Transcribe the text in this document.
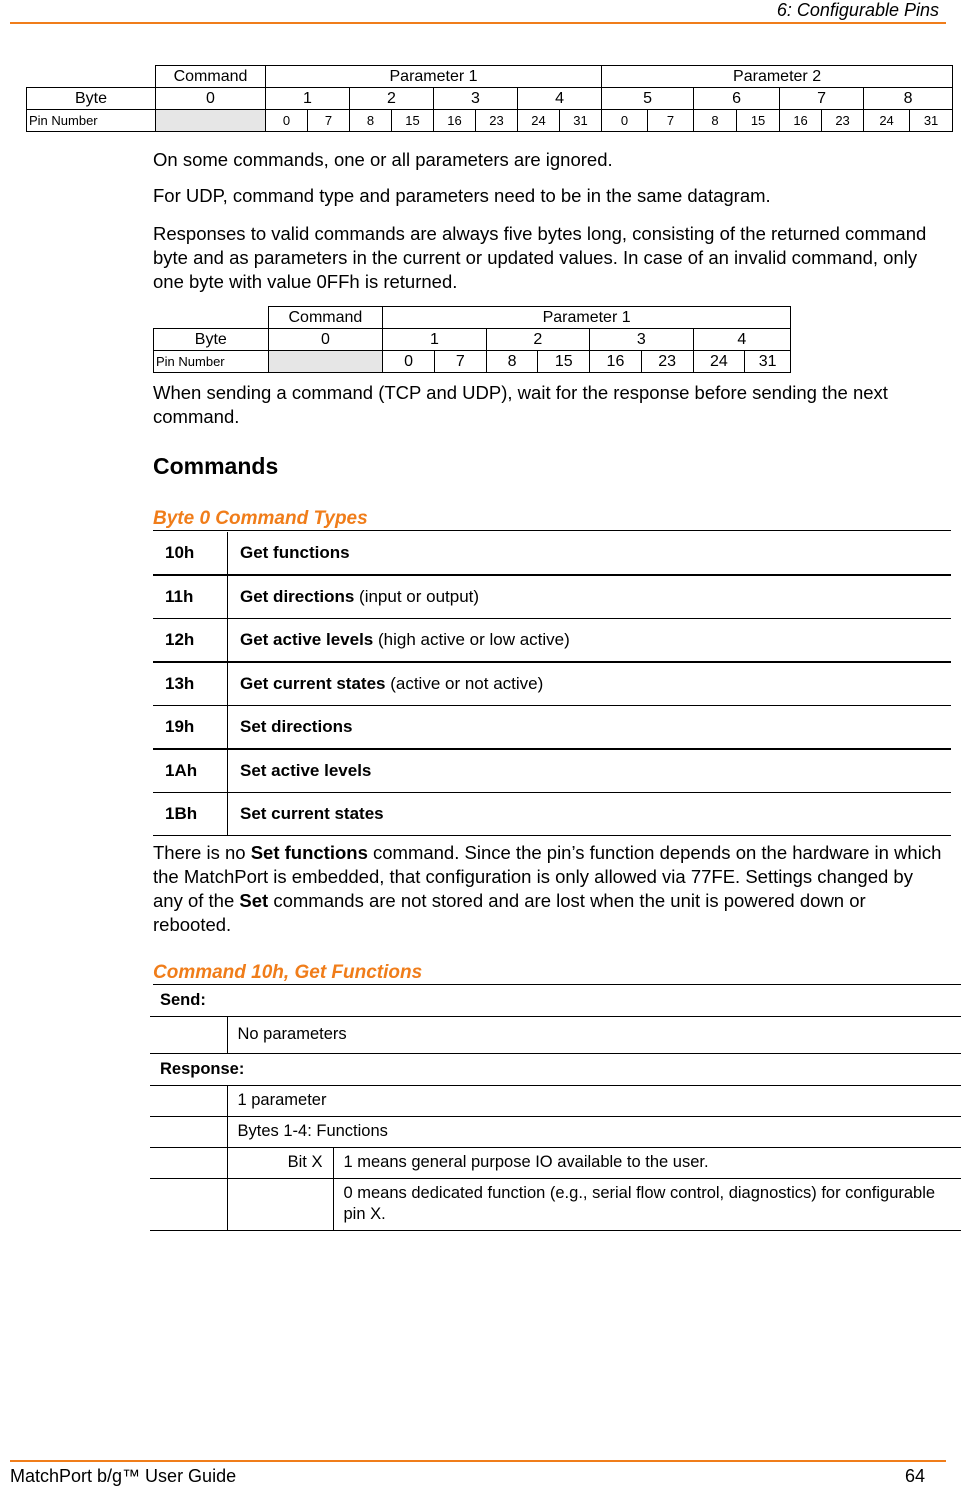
6: Configurable Pins
	Command	Parameter 1								Parameter 2							
Byte	0	1		2		3		4		5		6		7		8	
Pin Number		0	7	8	15	16	23	24	31	0	7	8	15	16	23	24	31

On some commands, one or all parameters are ignored.

For UDP, command type and parameters need to be in the same datagram.

Responses to valid commands are always five bytes long, consisting of the returned command byte and as parameters in the current or updated values. In case of an invalid command, only one byte with value 0FFh is returned.

	Command	Parameter 1							
Byte	0	1		2		3		4	
Pin Number		0	7	8	15	16	23	24	31

When sending a command (TCP and UDP), wait for the response before sending the next command.

Commands
Byte 0 Command Types
10h	Get functions
11h	Get directions (input or output)
12h	Get active levels (high active or low active)
13h	Get current states (active or not active)
19h	Set directions
1Ah	Set active levels
1Bh	Set current states

There is no Set functions command. Since the pin’s function depends on the hardware in which the MatchPort is embedded, that configuration is only allowed via 77FE. Settings changed by any of the Set commands are not stored and are lost when the unit is powered down or rebooted.

Command 10h, Get Functions
Send:		
	No parameters	
Response:		
	1 parameter	
	Bytes 1-4: Functions	
	Bit X	1 means general purpose IO available to the user.
		0 means dedicated function (e.g., serial flow control, diagnostics) for configurable pin X.
MatchPort b/g™ User Guide	64
